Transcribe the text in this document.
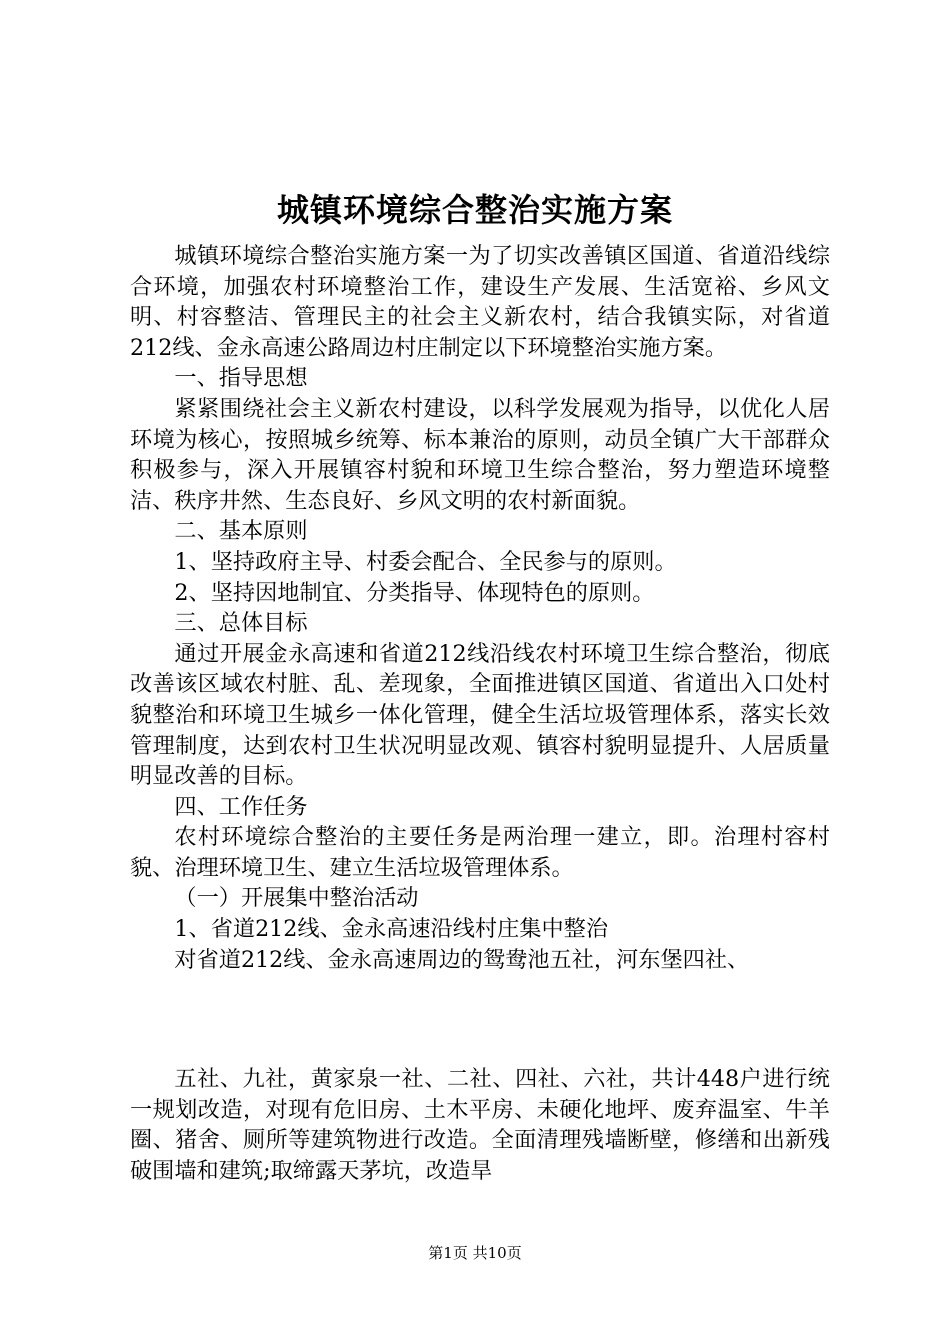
城镇环境综合整治实施方案

城镇环境综合整治实施方案一为了切实改善镇区国道、省道沿线综合环境，加强农村环境整治工作，建设生产发展、生活宽裕、乡风文明、村容整洁、管理民主的社会主义新农村，结合我镇实际，对省道212线、金永高速公路周边村庄制定以下环境整治实施方案。

一、指导思想

紧紧围绕社会主义新农村建设，以科学发展观为指导，以优化人居环境为核心，按照城乡统筹、标本兼治的原则，动员全镇广大干部群众积极参与，深入开展镇容村貌和环境卫生综合整治，努力塑造环境整洁、秩序井然、生态良好、乡风文明的农村新面貌。

二、基本原则

1、坚持政府主导、村委会配合、全民参与的原则。

2、坚持因地制宜、分类指导、体现特色的原则。

三、总体目标

通过开展金永高速和省道212线沿线农村环境卫生综合整治，彻底改善该区域农村脏、乱、差现象，全面推进镇区国道、省道出入口处村貌整治和环境卫生城乡一体化管理，健全生活垃圾管理体系，落实长效管理制度，达到农村卫生状况明显改观、镇容村貌明显提升、人居质量明显改善的目标。

四、工作任务

农村环境综合整治的主要任务是两治理一建立，即。治理村容村貌、治理环境卫生、建立生活垃圾管理体系。

（一）开展集中整治活动

1、省道212线、金永高速沿线村庄集中整治

对省道212线、金永高速周边的鸳鸯池五社，河东堡四社、

五社、九社，黄家泉一社、二社、四社、六社，共计448户进行统一规划改造，对现有危旧房、土木平房、未硬化地坪、废弃温室、牛羊圈、猪舍、厕所等建筑物进行改造。全面清理残墙断壁，修缮和出新残破围墙和建筑;取缔露天茅坑，改造旱

第1页 共10页
